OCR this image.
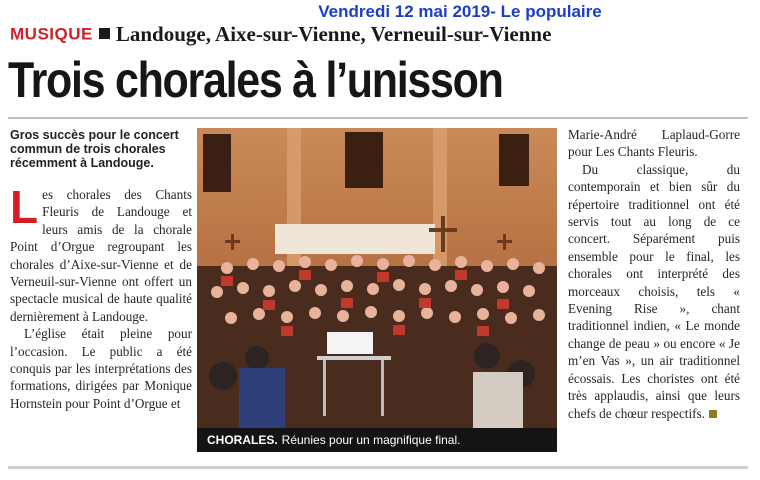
Vendredi 12 mai 2019- Le populaire
MUSIQUE Landouge, Aixe-sur-Vienne, Verneuil-sur-Vienne
Trois chorales à l’unisson
Gros succès pour le concert commun de trois chorales récemment à Landouge.

Les chorales des Chants Fleuris de Landouge et leurs amis de la chorale Point d’Orgue regroupant les chorales d’Aixe-sur-Vienne et de Verneuil-sur-Vienne ont offert un spectacle musical de haute qualité dernièrement à Landouge.

L’église était pleine pour l’occasion. Le public a été conquis par les interprétations des formations, dirigées par Monique Hornstein pour Point d’Orgue et

CHORALES. Réunies pour un magnifique final.

Marie-André Laplaud-Gorre pour Les Chants Fleuris.

Du classique, du contemporain et bien sûr du répertoire traditionnel ont été servis tout au long de ce concert. Séparément puis ensemble pour le final, les chorales ont interprété des morceaux choisis, tels « Evening Rise », chant traditionnel indien, « Le monde change de peau » ou encore « Je m’en Vas », un air traditionnel écossais. Les choristes ont été très applaudis, ainsi que leurs chefs de chœur respectifs.
